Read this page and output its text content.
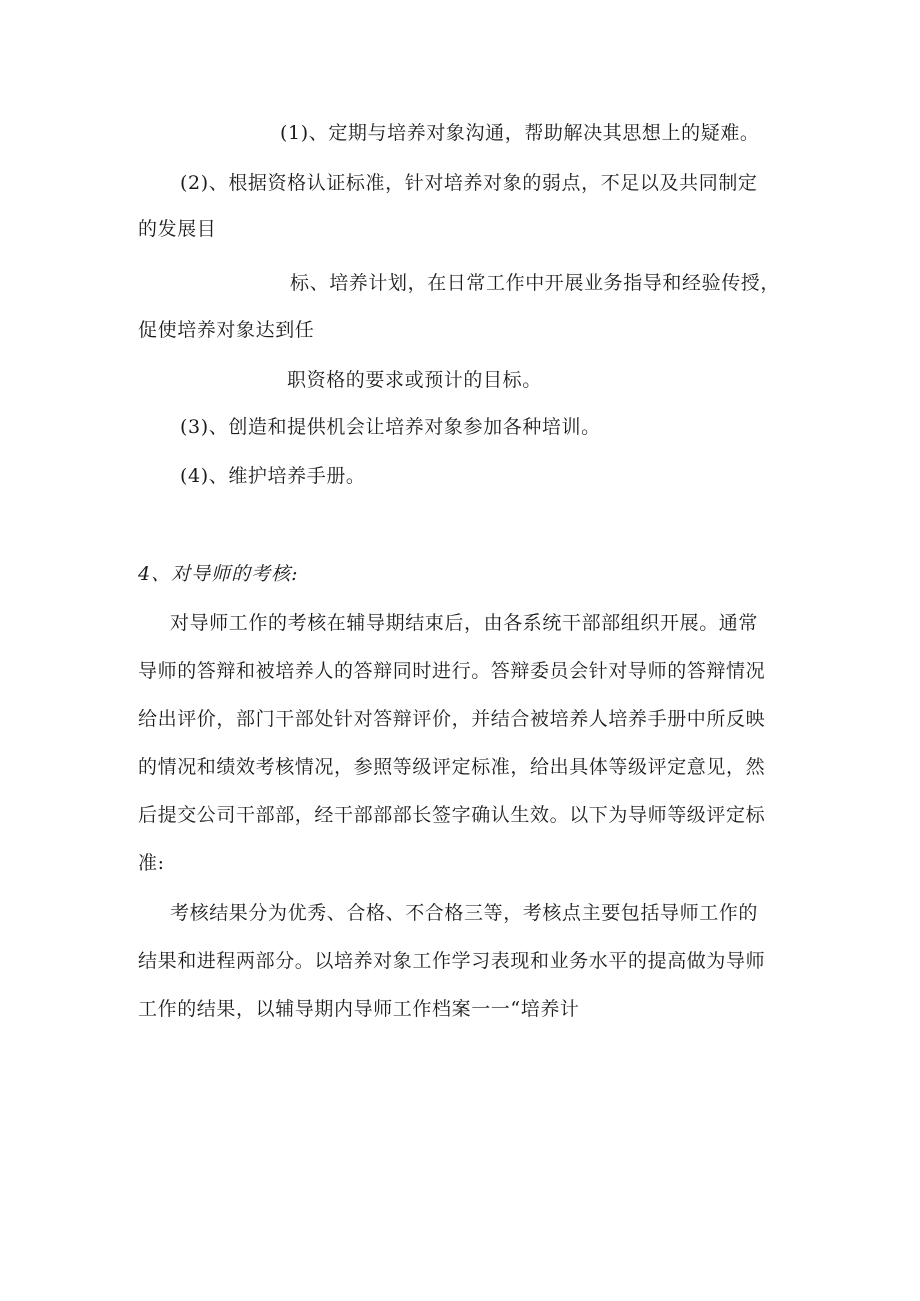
(1)、定期与培养对象沟通，帮助解决其思想上的疑难。
(2)、根据资格认证标准，针对培养对象的弱点，不足以及共同制定
的发展目
标、培养计划，在日常工作中开展业务指导和经验传授，
促使培养对象达到任
职资格的要求或预计的目标。
(3)、创造和提供机会让培养对象参加各种培训。
(4)、维护培养手册。
4、对导师的考核:
对导师工作的考核在辅导期结束后，由各系统干部部组织开展。通常
导师的答辩和被培养人的答辩同时进行。答辩委员会针对导师的答辩情况
给出评价，部门干部处针对答辩评价，并结合被培养人培养手册中所反映
的情况和绩效考核情况，参照等级评定标准，给出具体等级评定意见，然
后提交公司干部部，经干部部部长签字确认生效。以下为导师等级评定标
准:
考核结果分为优秀、合格、不合格三等，考核点主要包括导师工作的
结果和进程两部分。以培养对象工作学习表现和业务水平的提高做为导师
工作的结果，以辅导期内导师工作档案一一“培养计
